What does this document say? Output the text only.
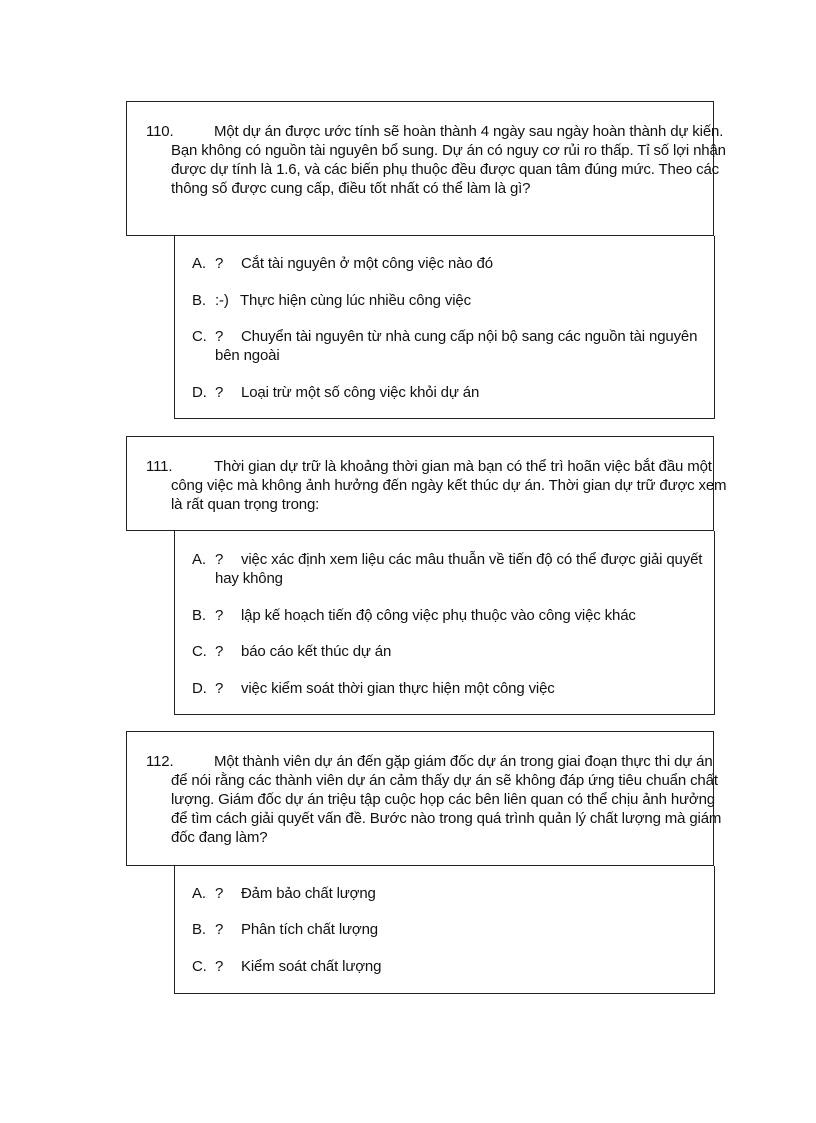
110.	Một dự án được ước tính sẽ hoàn thành 4 ngày sau ngày hoàn thành dự kiến. Bạn không có nguồn tài nguyên bổ sung. Dự án có nguy cơ rủi ro thấp. Tỉ số lợi nhận được dự tính là 1.6, và các biến phụ thuộc đều được quan tâm đúng mức. Theo các thông số được cung cấp, điều tốt nhất có thể làm là gì?
A. ? Cắt tài nguyên ở một công việc nào đó
B. :-) Thực hiện cùng lúc nhiều công việc
C. ? Chuyển tài nguyên từ nhà cung cấp nội bộ sang các nguồn tài nguyên bên ngoài
D. ? Loại trừ một số công việc khỏi dự án
111.	Thời gian dự trữ là khoảng thời gian mà bạn có thể trì hoãn việc bắt đầu một công việc mà không ảnh hưởng đến ngày kết thúc dự án. Thời gian dự trữ được xem là rất quan trọng trong:
A. ? việc xác định xem liệu các mâu thuẫn về tiến độ có thể được giải quyết hay không
B. ? lập kế hoạch tiến độ công việc phụ thuộc vào công việc khác
C. ? báo cáo kết thúc dự án
D. ? việc kiểm soát thời gian thực hiện một công việc
112.	Một thành viên dự án đến gặp giám đốc dự án trong giai đoạn thực thi dự án để nói rằng các thành viên dự án cảm thấy dự án sẽ không đáp ứng tiêu chuẩn chất lượng. Giám đốc dự án triệu tập cuộc họp các bên liên quan có thể chịu ảnh hưởng để tìm cách giải quyết vấn đề. Bước nào trong quá trình quản lý chất lượng mà giám đốc đang làm?
A. ? Đảm bảo chất lượng
B. ? Phân tích chất lượng
C. ? Kiểm soát chất lượng
